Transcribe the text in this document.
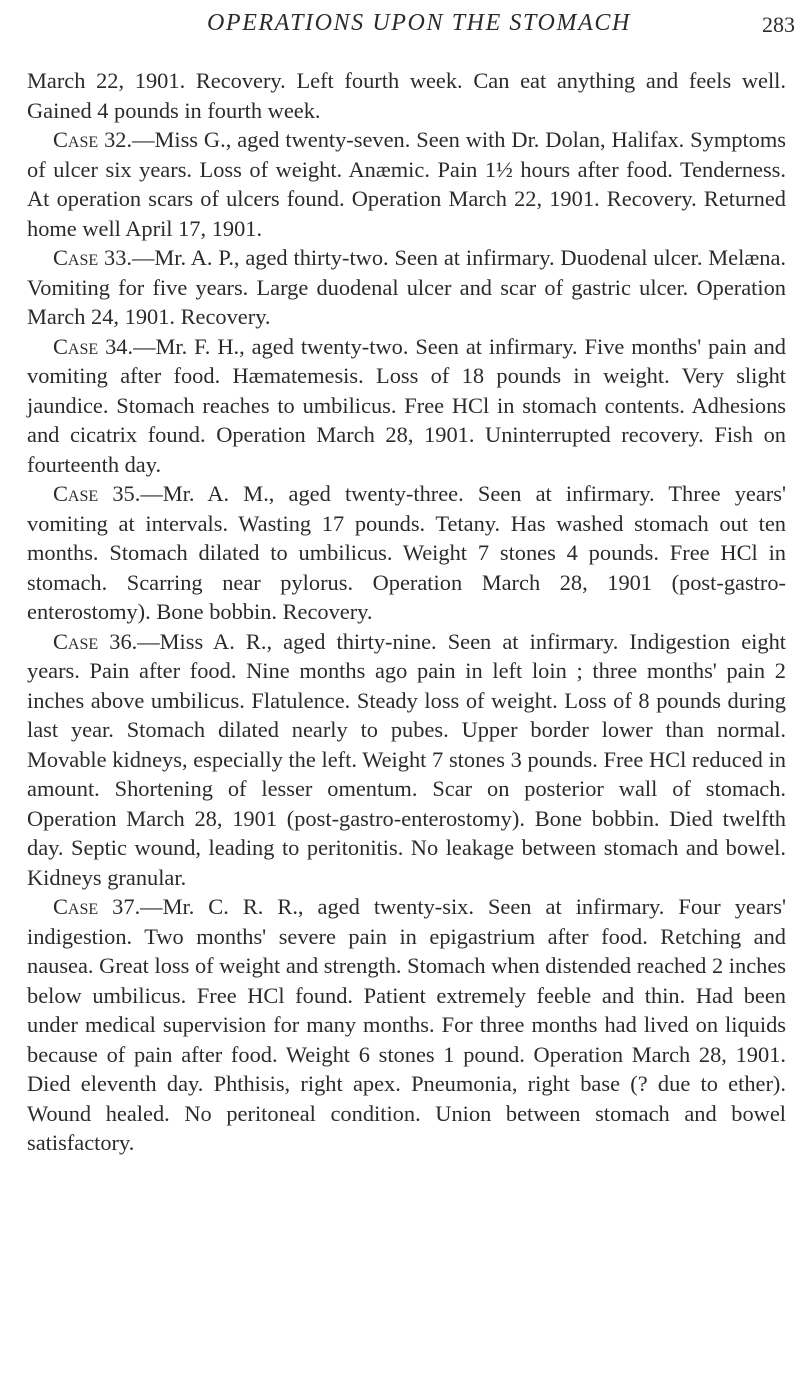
OPERATIONS UPON THE STOMACH	283

March 22, 1901. Recovery. Left fourth week. Can eat anything and feels well. Gained 4 pounds in fourth week.

Case 32.—Miss G., aged twenty-seven. Seen with Dr. Dolan, Halifax. Symptoms of ulcer six years. Loss of weight. Anæmic. Pain 1½ hours after food. Tenderness. At operation scars of ulcers found. Operation March 22, 1901. Recovery. Returned home well April 17, 1901.

Case 33.—Mr. A. P., aged thirty-two. Seen at infirmary. Duodenal ulcer. Melæna. Vomiting for five years. Large duodenal ulcer and scar of gastric ulcer. Operation March 24, 1901. Recovery.

Case 34.—Mr. F. H., aged twenty-two. Seen at infirmary. Five months' pain and vomiting after food. Hæmatemesis. Loss of 18 pounds in weight. Very slight jaundice. Stomach reaches to umbilicus. Free HCl in stomach contents. Adhesions and cicatrix found. Operation March 28, 1901. Uninterrupted recovery. Fish on fourteenth day.

Case 35.—Mr. A. M., aged twenty-three. Seen at infirmary. Three years' vomiting at intervals. Wasting 17 pounds. Tetany. Has washed stomach out ten months. Stomach dilated to umbilicus. Weight 7 stones 4 pounds. Free HCl in stomach. Scarring near pylorus. Operation March 28, 1901 (post-gastro-enterostomy). Bone bobbin. Recovery.

Case 36.—Miss A. R., aged thirty-nine. Seen at infirmary. Indigestion eight years. Pain after food. Nine months ago pain in left loin ; three months' pain 2 inches above umbilicus. Flatulence. Steady loss of weight. Loss of 8 pounds during last year. Stomach dilated nearly to pubes. Upper border lower than normal. Movable kidneys, especially the left. Weight 7 stones 3 pounds. Free HCl reduced in amount. Shortening of lesser omentum. Scar on posterior wall of stomach. Operation March 28, 1901 (post-gastro-enterostomy). Bone bobbin. Died twelfth day. Septic wound, leading to peritonitis. No leakage between stomach and bowel. Kidneys granular.

Case 37.—Mr. C. R. R., aged twenty-six. Seen at infirmary. Four years' indigestion. Two months' severe pain in epigastrium after food. Retching and nausea. Great loss of weight and strength. Stomach when distended reached 2 inches below umbilicus. Free HCl found. Patient extremely feeble and thin. Had been under medical supervision for many months. For three months had lived on liquids because of pain after food. Weight 6 stones 1 pound. Operation March 28, 1901. Died eleventh day. Phthisis, right apex. Pneumonia, right base (? due to ether). Wound healed. No peritoneal condition. Union between stomach and bowel satisfactory.
